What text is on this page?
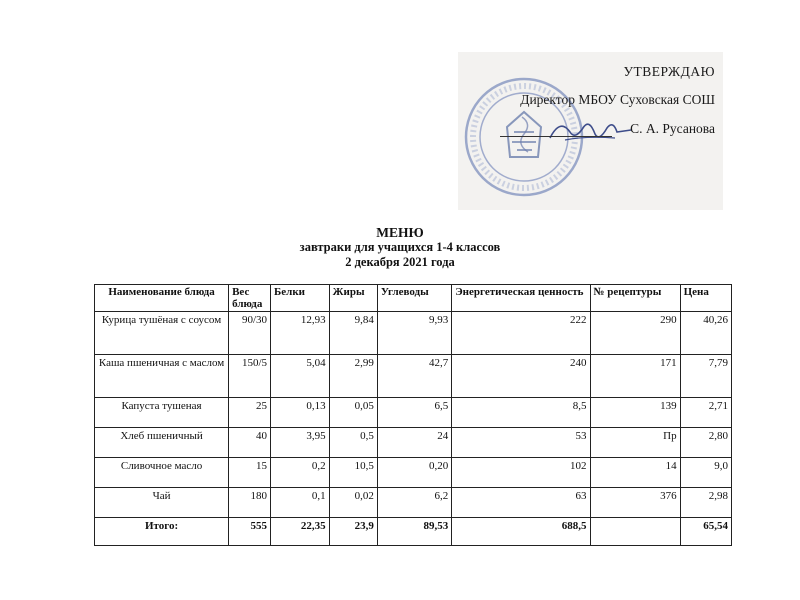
УТВЕРЖДАЮ
Директор МБОУ Суховская СОШ
С. А. Русанова
МЕНЮ
завтраки для учащихся 1-4 классов
2 декабря 2021 года
Наименование блюда	Вес блюда	Белки	Жиры	Углеводы	Энергетическая ценность	№ рецептуры	Цена
Курица тушёная с соусом	90/30	12,93	9,84	9,93	222	290	40,26
Каша пшеничная с маслом	150/5	5,04	2,99	42,7	240	171	7,79
Капуста тушеная	25	0,13	0,05	6,5	8,5	139	2,71
Хлеб пшеничный	40	3,95	0,5	24	53	Пр	2,80
Сливочное масло	15	0,2	10,5	0,20	102	14	9,0
Чай	180	0,1	0,02	6,2	63	376	2,98
Итого:	555	22,35	23,9	89,53	688,5		65,54
